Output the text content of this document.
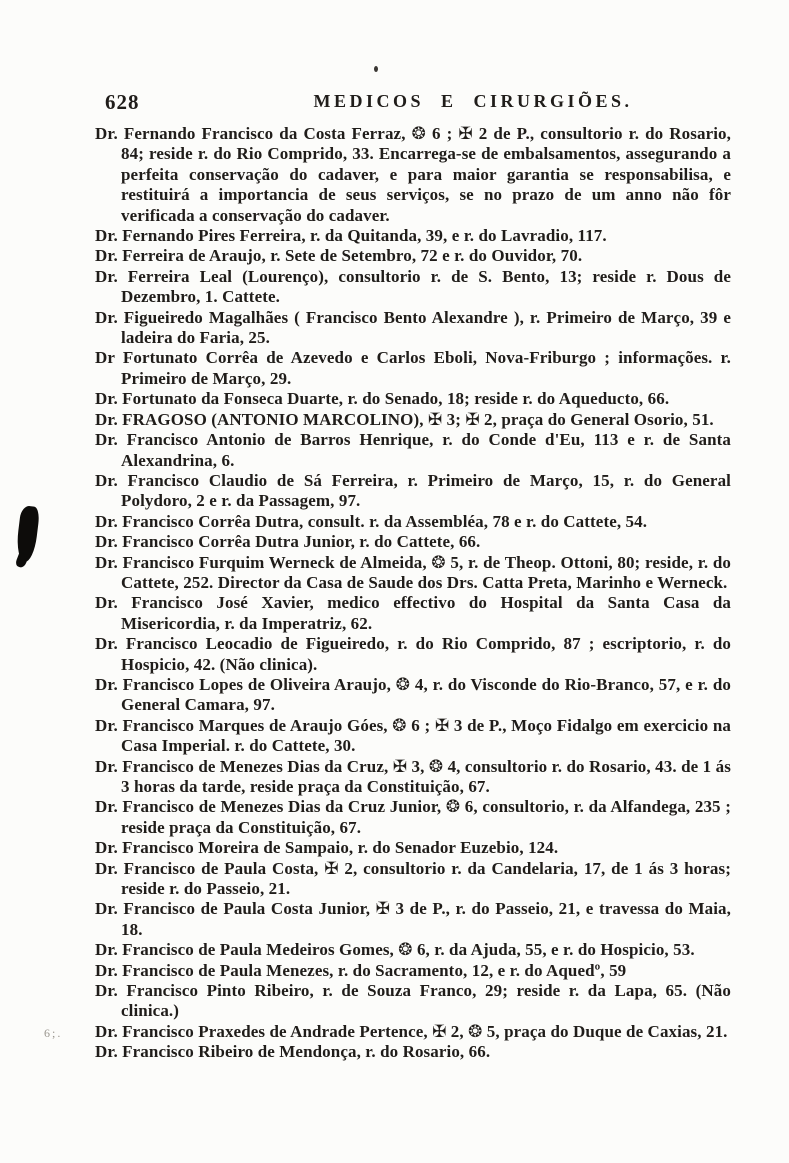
628	MEDICOS E CIRURGIÕES.
6;.

Dr. Fernando Francisco da Costa Ferraz, ❂ 6 ; ✠ 2 de P., consultorio r. do Rosario, 84; reside r. do Rio Comprido, 33. Encarrega-se de embalsamentos, assegurando a perfeita conservação do cadaver, e para maior garantia se responsabilisa, e restituirá a importancia de seus serviços, se no prazo de um anno não fôr verificada a conservação do cadaver.

Dr. Fernando Pires Ferreira, r. da Quitanda, 39, e r. do Lavradio, 117.

Dr. Ferreira de Araujo, r. Sete de Setembro, 72 e r. do Ouvidor, 70.

Dr. Ferreira Leal (Lourenço), consultorio r. de S. Bento, 13; reside r. Dous de Dezembro, 1. Cattete.

Dr. Figueiredo Magalhães ( Francisco Bento Alexandre ), r. Primeiro de Março, 39 e ladeira do Faria, 25.

Dr Fortunato Corrêa de Azevedo e Carlos Eboli, Nova-Friburgo ; informações. r. Primeiro de Março, 29.

Dr. Fortunato da Fonseca Duarte, r. do Senado, 18; reside r. do Aqueducto, 66.

Dr. FRAGOSO (ANTONIO MARCOLINO), ✠ 3; ✠ 2, praça do General Osorio, 51.

Dr. Francisco Antonio de Barros Henrique, r. do Conde d'Eu, 113 e r. de Santa Alexandrina, 6.

Dr. Francisco Claudio de Sá Ferreira, r. Primeiro de Março, 15, r. do General Polydoro, 2 e r. da Passagem, 97.

Dr. Francisco Corrêa Dutra, consult. r. da Assembléa, 78 e r. do Cattete, 54.

Dr. Francisco Corrêa Dutra Junior, r. do Cattete, 66.

Dr. Francisco Furquim Werneck de Almeida, ❂ 5, r. de Theop. Ottoni, 80; reside, r. do Cattete, 252. Director da Casa de Saude dos Drs. Catta Preta, Marinho e Werneck.

Dr. Francisco José Xavier, medico effectivo do Hospital da Santa Casa da Misericordia, r. da Imperatriz, 62.

Dr. Francisco Leocadio de Figueiredo, r. do Rio Comprido, 87 ; escriptorio, r. do Hospicio, 42. (Não clinica).

Dr. Francisco Lopes de Oliveira Araujo, ❂ 4, r. do Visconde do Rio-Branco, 57, e r. do General Camara, 97.

Dr. Francisco Marques de Araujo Góes, ❂ 6 ; ✠ 3 de P., Moço Fidalgo em exercicio na Casa Imperial. r. do Cattete, 30.

Dr. Francisco de Menezes Dias da Cruz, ✠ 3, ❂ 4, consultorio r. do Rosario, 43. de 1 ás 3 horas da tarde, reside praça da Constituição, 67.

Dr. Francisco de Menezes Dias da Cruz Junior, ❂ 6, consultorio, r. da Alfandega, 235 ; reside praça da Constituição, 67.

Dr. Francisco Moreira de Sampaio, r. do Senador Euzebio, 124.

Dr. Francisco de Paula Costa, ✠ 2, consultorio r. da Candelaria, 17, de 1 ás 3 horas; reside r. do Passeio, 21.

Dr. Francisco de Paula Costa Junior, ✠ 3 de P., r. do Passeio, 21, e travessa do Maia, 18.

Dr. Francisco de Paula Medeiros Gomes, ❂ 6, r. da Ajuda, 55, e r. do Hospicio, 53.

Dr. Francisco de Paula Menezes, r. do Sacramento, 12, e r. do Aquedº, 59

Dr. Francisco Pinto Ribeiro, r. de Souza Franco, 29; reside r. da Lapa, 65. (Não clinica.)

Dr. Francisco Praxedes de Andrade Pertence, ✠ 2, ❂ 5, praça do Duque de Caxias, 21.

Dr. Francisco Ribeiro de Mendonça, r. do Rosario, 66.
